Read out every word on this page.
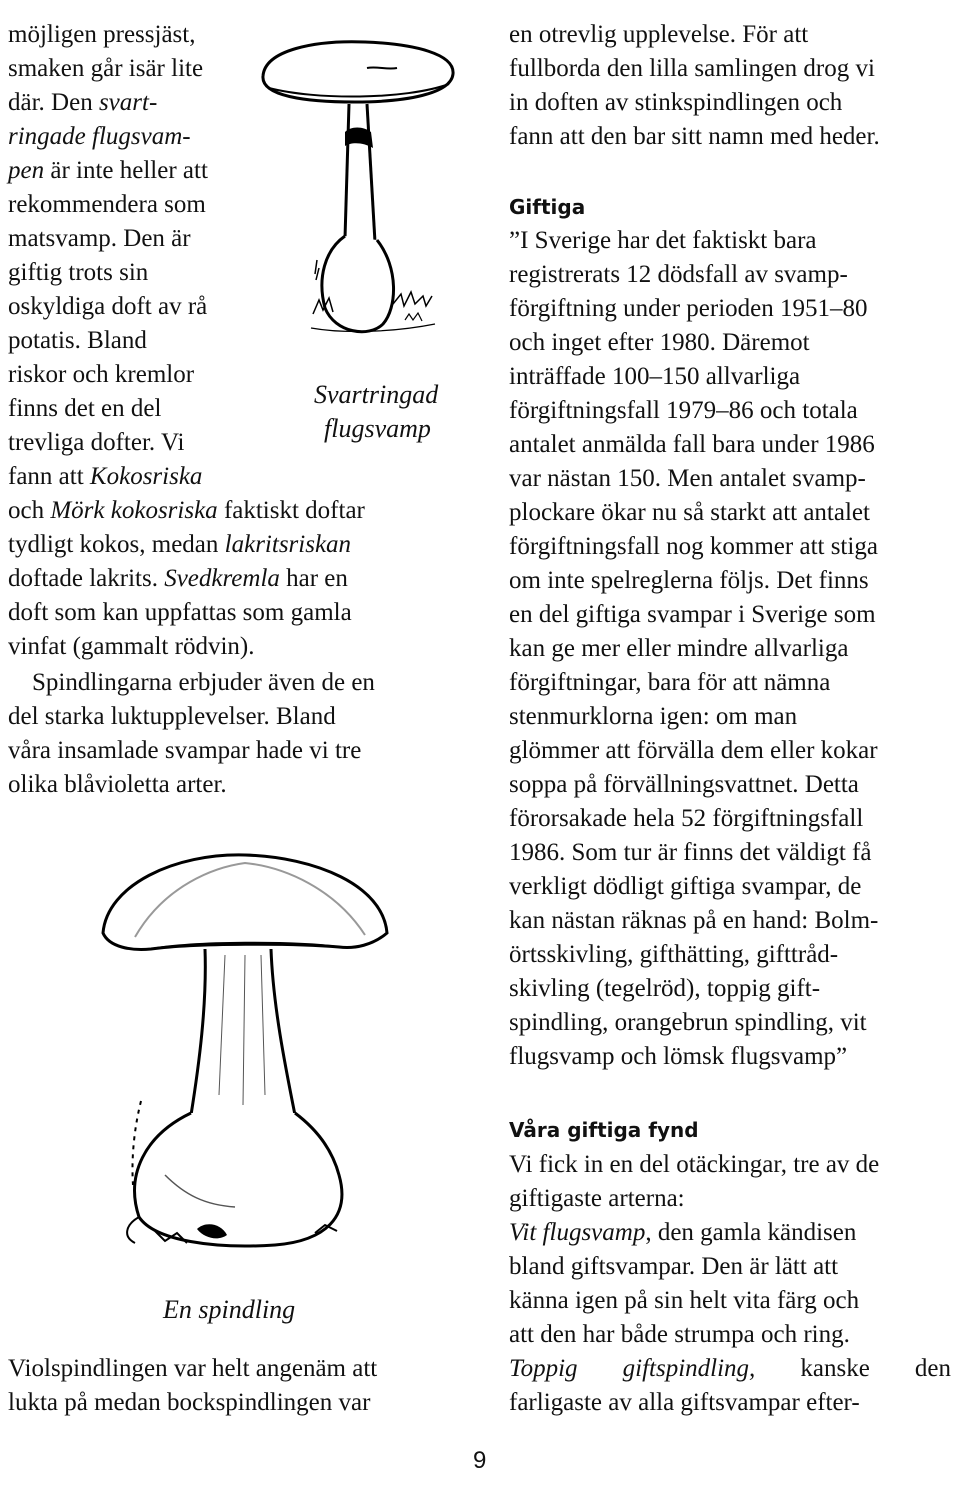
möjligen pressjäst,
smaken går isär lite
där. Den svart-
ringade flugsvam-
pen är inte heller att
rekommendera som
matsvamp. Den är
giftig trots sin
oskyldiga doft av rå
potatis. Bland
riskor och kremlor
finns det en del
trevliga dofter. Vi
fann att Kokosriska
och Mörk kokosriska faktiskt doftar
tydligt kokos, medan lakritsriskan
doftade lakrits. Svedkremla har en
doft som kan uppfattas som gamla
vinfat (gammalt rödvin).
Spindlingarna erbjuder även de en
del starka luktupplevelser. Bland
våra insamlade svampar hade vi tre
olika blåvioletta arter.
Violspindlingen var helt angenäm att
lukta på medan bockspindlingen var
Svartringad
flugsvamp
En spindling
en otrevlig upplevelse. För att
fullborda den lilla samlingen drog vi
in doften av stinkspindlingen och
fann att den bar sitt namn med heder.
Giftiga
”I Sverige har det faktiskt bara
registrerats 12 dödsfall av svamp-
förgiftning under perioden 1951–80
och inget efter 1980. Däremot
inträffade 100–150 allvarliga
förgiftningsfall 1979–86 och totala
antalet anmälda fall bara under 1986
var nästan 150. Men antalet svamp-
plockare ökar nu så starkt att antalet
förgiftningsfall nog kommer att stiga
om inte spelreglerna följs. Det finns
en del giftiga svampar i Sverige som
kan ge mer eller mindre allvarliga
förgiftningar, bara för att nämna
stenmurklorna igen: om man
glömmer att förvälla dem eller kokar
soppa på förvällningsvattnet. Detta
förorsakade hela 52 förgiftningsfall
1986. Som tur är finns det väldigt få
verkligt dödligt giftiga svampar, de
kan nästan räknas på en hand: Bolm-
örtsskivling, gifthätting, gifttråd-
skivling (tegelröd), toppig gift-
spindling, orangebrun spindling, vit
flugsvamp och lömsk flugsvamp”
Våra giftiga fynd
Vi fick in en del otäckingar, tre av de
giftigaste arterna:
Vit flugsvamp, den gamla kändisen
bland giftsvampar. Den är lätt att
känna igen på sin helt vita färg och
att den har både strumpa och ring.
Toppig giftspindling, kanske den
farligaste av alla giftsvampar efter-
9
